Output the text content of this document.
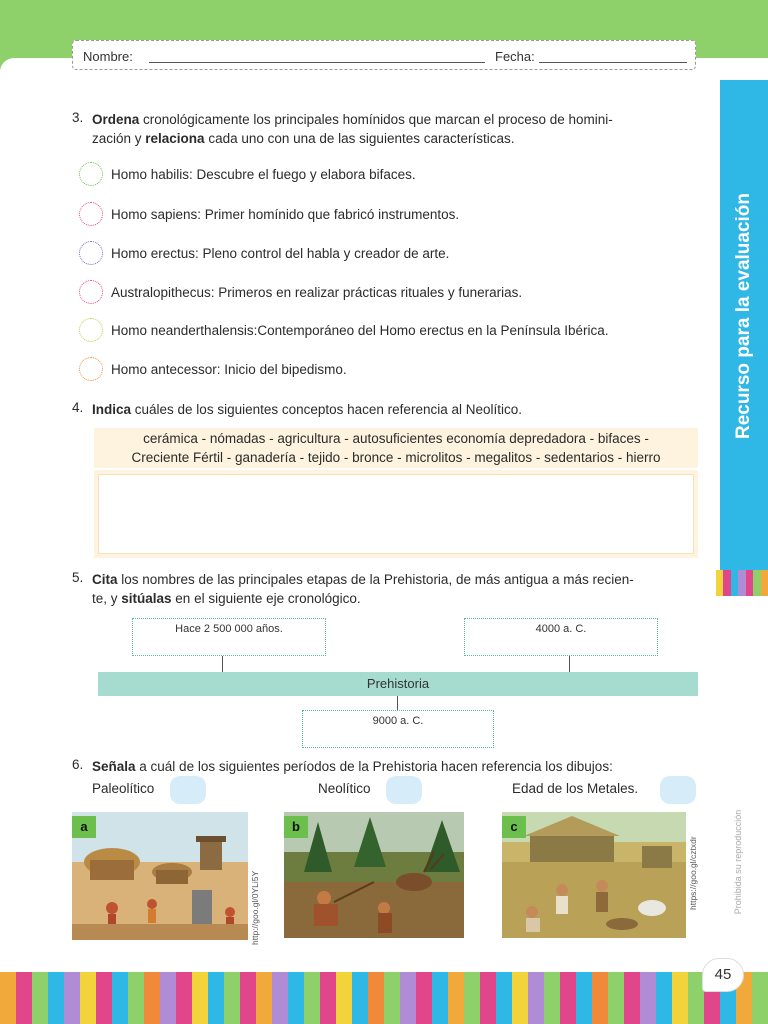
Nombre:	Fecha:
Recurso para la evaluación
Prohibida su reproducción
3. Ordena cronológicamente los principales homínidos que marcan el proceso de homini-
zación y relaciona cada uno con una de las siguientes características.
Homo habilis: Descubre el fuego y elabora bifaces.
Homo sapiens: Primer homínido que fabricó instrumentos.
Homo erectus: Pleno control del habla y creador de arte.
Australopithecus: Primeros en realizar prácticas rituales y funerarias.
Homo neanderthalensis:Contemporáneo del Homo erectus en la Península Ibérica.
Homo antecessor: Inicio del bipedismo.
4. Indica cuáles de los siguientes conceptos hacen referencia al Neolítico.
cerámica - nómadas - agricultura - autosuficientes economía depredadora - bifaces -
Creciente Fértil - ganadería - tejido - bronce - microlitos - megalitos - sedentarios - hierro
5. Cita los nombres de las principales etapas de la Prehistoria, de más antigua a más recien-
te, y sitúalas en el siguiente eje cronológico.
Hace 2 500 000 años.	4000 a. C.
Prehistoria
9000 a. C.
6. Señala a cuál de los siguientes períodos de la Prehistoria hacen referencia los dibujos:
Paleolítico	Neolítico	Edad de los Metales.
a
http://goo.gl/0YLi5Y
b	c
https://goo.gl/cztxdr
45
